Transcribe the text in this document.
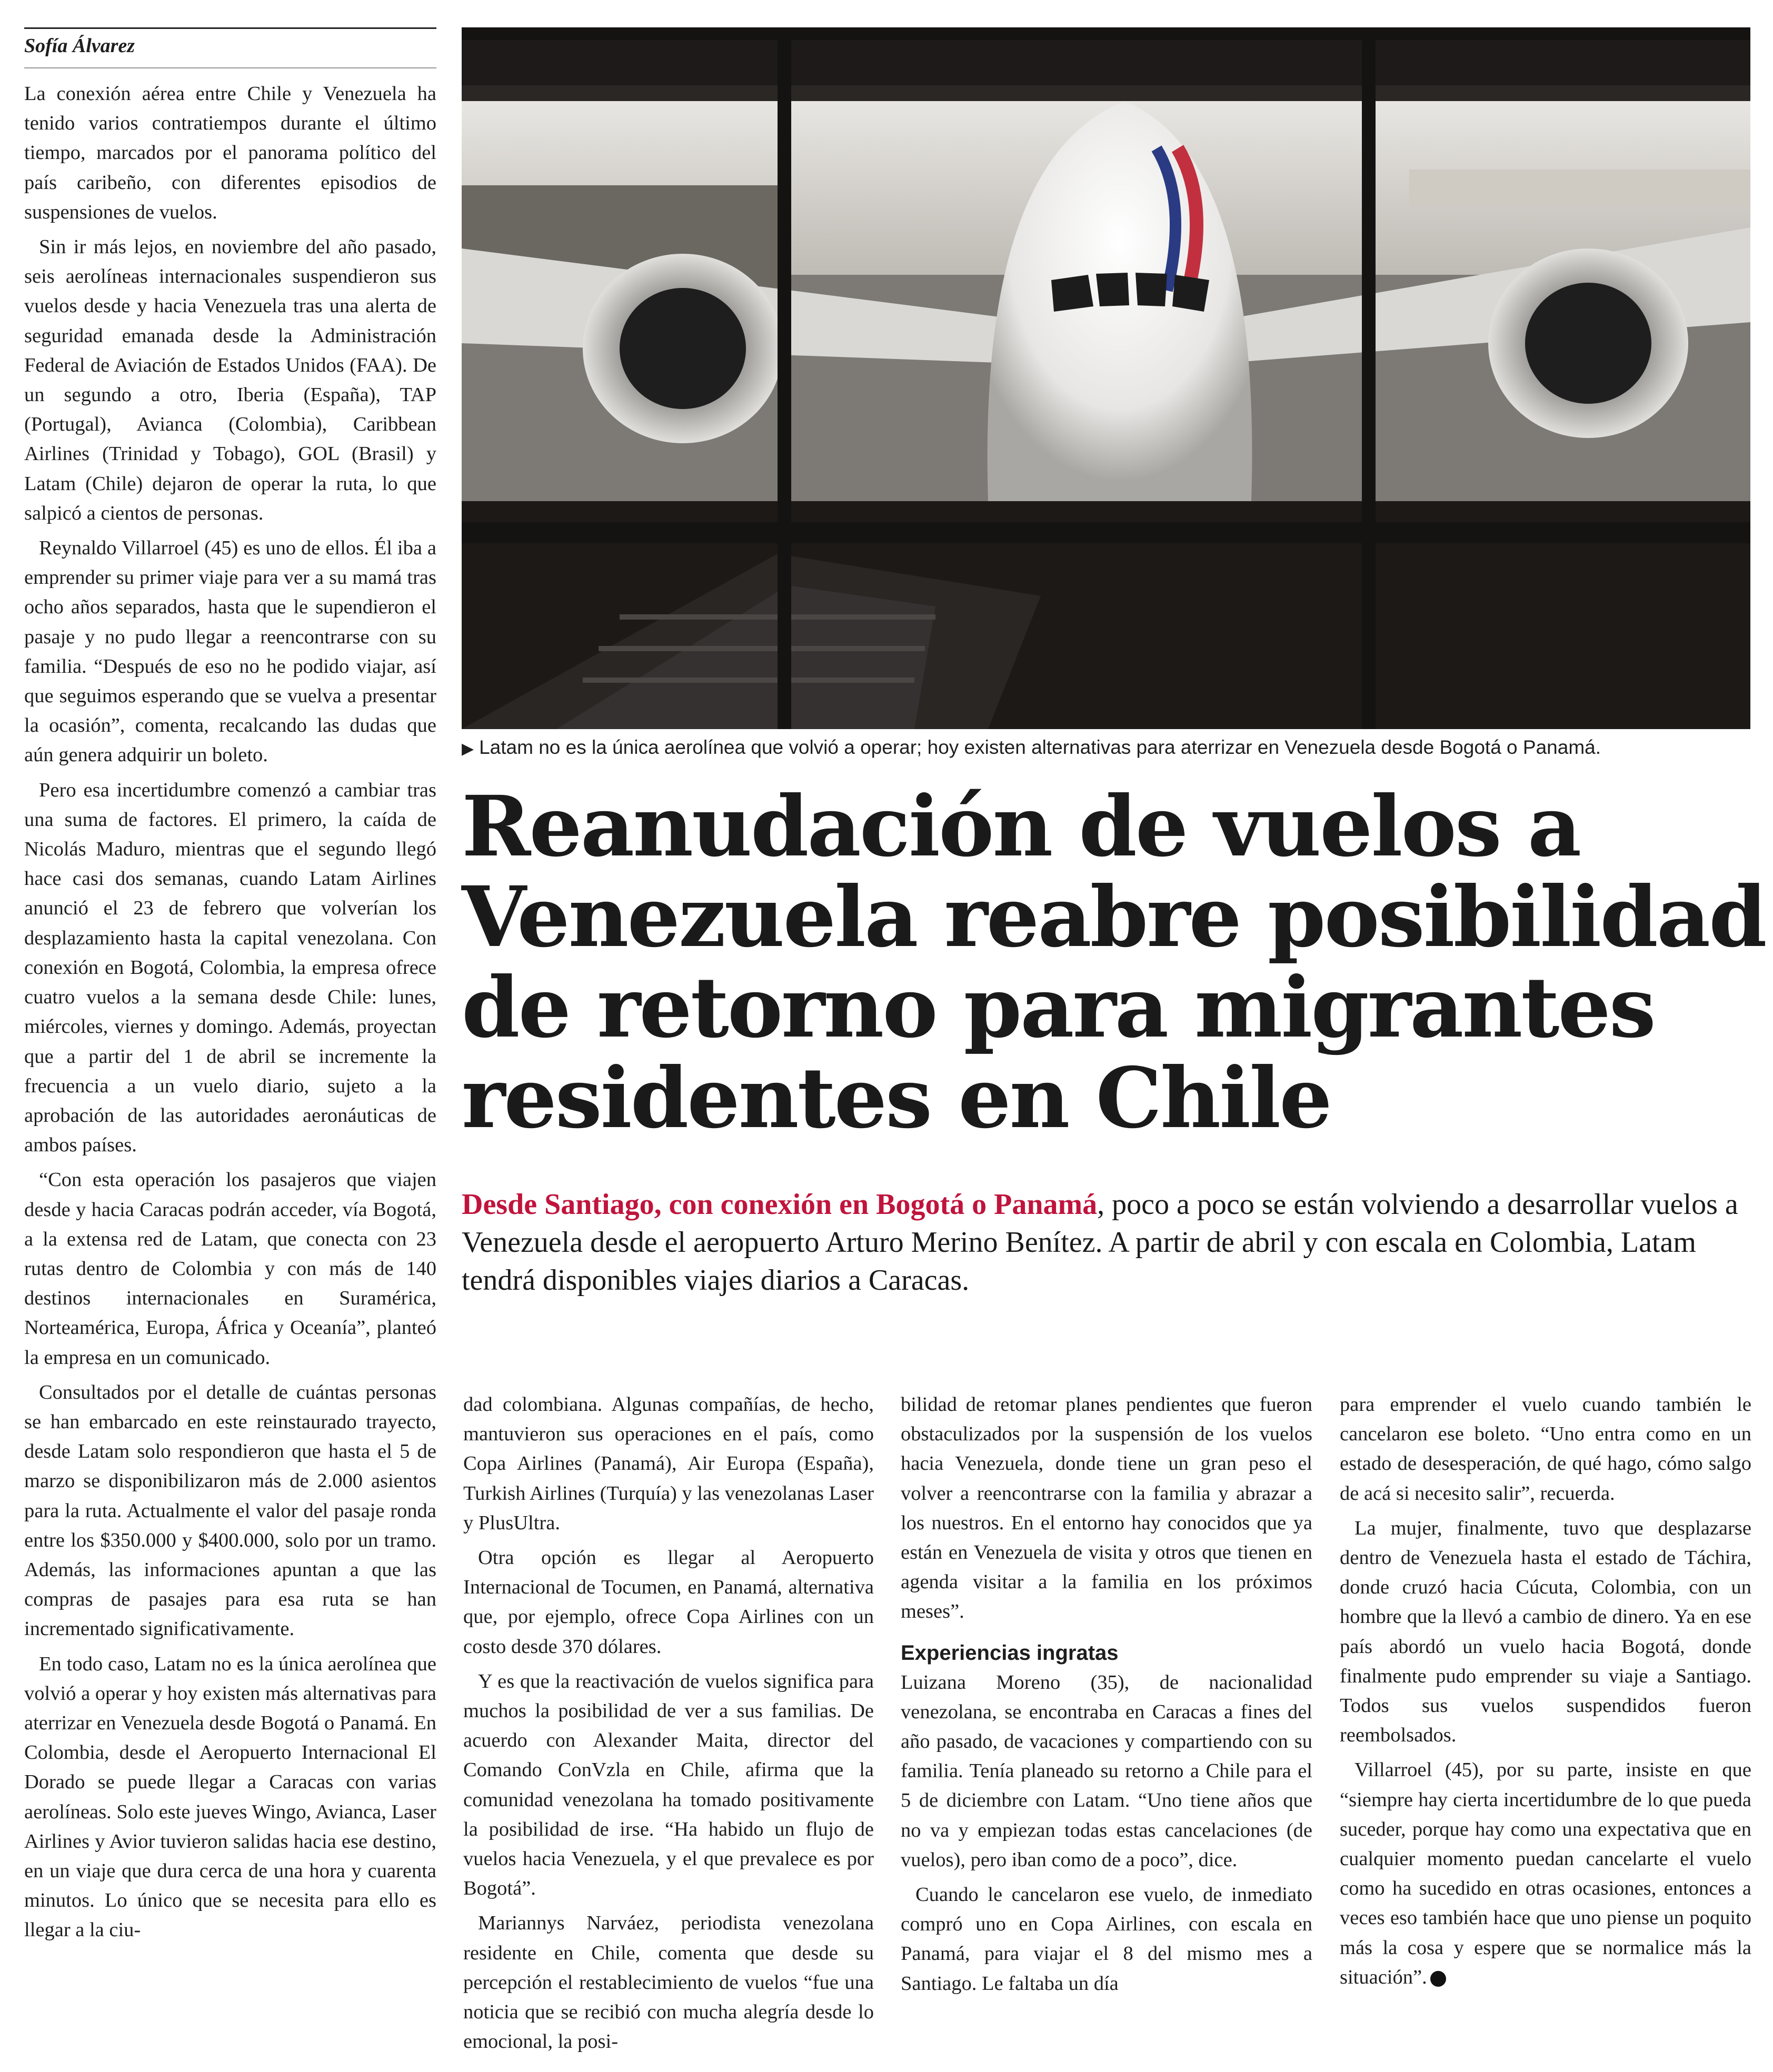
Sofía Álvarez

La conexión aérea entre Chile y Venezuela ha tenido varios contratiempos durante el último tiempo, marcados por el panorama político del país caribeño, con diferentes episodios de suspensiones de vuelos.

Sin ir más lejos, en noviembre del año pasado, seis aerolíneas internacionales suspendieron sus vuelos desde y hacia Venezuela tras una alerta de seguridad emanada desde la Administración Federal de Aviación de Estados Unidos (FAA). De un segundo a otro, Iberia (España), TAP (Portugal), Avianca (Colombia), Caribbean Airlines (Trinidad y Tobago), GOL (Brasil) y Latam (Chile) dejaron de operar la ruta, lo que salpicó a cientos de personas.

Reynaldo Villarroel (45) es uno de ellos. Él iba a emprender su primer viaje para ver a su mamá tras ocho años separados, hasta que le supendieron el pasaje y no pudo llegar a reencontrarse con su familia. “Después de eso no he podido viajar, así que seguimos esperando que se vuelva a presentar la ocasión”, comenta, recalcando las dudas que aún genera adquirir un boleto.

Pero esa incertidumbre comenzó a cambiar tras una suma de factores. El primero, la caída de Nicolás Maduro, mientras que el segundo llegó hace casi dos semanas, cuando Latam Airlines anunció el 23 de febrero que volverían los desplazamiento hasta la capital venezolana. Con conexión en Bogotá, Colombia, la empresa ofrece cuatro vuelos a la semana desde Chile: lunes, miércoles, viernes y domingo. Además, proyectan que a partir del 1 de abril se incremente la frecuencia a un vuelo diario, sujeto a la aprobación de las autoridades aeronáuticas de ambos países.

“Con esta operación los pasajeros que viajen desde y hacia Caracas podrán acceder, vía Bogotá, a la extensa red de Latam, que conecta con 23 rutas dentro de Colombia y con más de 140 destinos internacionales en Suramérica, Norteamérica, Europa, África y Oceanía”, planteó la empresa en un comunicado.

Consultados por el detalle de cuántas personas se han embarcado en este reinstaurado trayecto, desde Latam solo respondieron que hasta el 5 de marzo se disponibilizaron más de 2.000 asientos para la ruta. Actualmente el valor del pasaje ronda entre los $350.000 y $400.000, solo por un tramo. Además, las informaciones apuntan a que las compras de pasajes para esa ruta se han incrementado significativamente.

En todo caso, Latam no es la única aerolínea que volvió a operar y hoy existen más alternativas para aterrizar en Venezuela desde Bogotá o Panamá. En Colombia, desde el Aeropuerto Internacional El Dorado se puede llegar a Caracas con varias aerolíneas. Solo este jueves Wingo, Avianca, Laser Airlines y Avior tuvieron salidas hacia ese destino, en un viaje que dura cerca de una hora y cuarenta minutos. Lo único que se necesita para ello es llegar a la ciu-

▶ Latam no es la única aerolínea que volvió a operar; hoy existen alternativas para aterrizar en Venezuela desde Bogotá o Panamá.
Reanudación de vuelos a
Venezuela reabre posibilidad
de retorno para migrantes
residentes en Chile
Desde Santiago, con conexión en Bogotá o Panamá, poco a poco se están volviendo a desarrollar vuelos a Venezuela desde el aeropuerto Arturo Merino Benítez. A partir de abril y con escala en Colombia, Latam tendrá disponibles viajes diarios a Caracas.

dad colombiana. Algunas compañías, de hecho, mantuvieron sus operaciones en el país, como Copa Airlines (Panamá), Air Europa (España), Turkish Airlines (Turquía) y las venezolanas Laser y PlusUltra.

Otra opción es llegar al Aeropuerto Internacional de Tocumen, en Panamá, alternativa que, por ejemplo, ofrece Copa Airlines con un costo desde 370 dólares.

Y es que la reactivación de vuelos significa para muchos la posibilidad de ver a sus familias. De acuerdo con Alexander Maita, director del Comando ConVzla en Chile, afirma que la comunidad venezolana ha tomado positivamente la posibilidad de irse. “Ha habido un flujo de vuelos hacia Venezuela, y el que prevalece es por Bogotá”.

Mariannys Narváez, periodista venezolana residente en Chile, comenta que desde su percepción el restablecimiento de vuelos “fue una noticia que se recibió con mucha alegría desde lo emocional, la posi-

bilidad de retomar planes pendientes que fueron obstaculizados por la suspensión de los vuelos hacia Venezuela, donde tiene un gran peso el volver a reencontrarse con la familia y abrazar a los nuestros. En el entorno hay conocidos que ya están en Venezuela de visita y otros que tienen en agenda visitar a la familia en los próximos meses”.

Experiencias ingratas

Luizana Moreno (35), de nacionalidad venezolana, se encontraba en Caracas a fines del año pasado, de vacaciones y compartiendo con su familia. Tenía planeado su retorno a Chile para el 5 de diciembre con Latam. “Uno tiene años que no va y empiezan todas estas cancelaciones (de vuelos), pero iban como de a poco”, dice.

Cuando le cancelaron ese vuelo, de inmediato compró uno en Copa Airlines, con escala en Panamá, para viajar el 8 del mismo mes a Santiago. Le faltaba un día

para emprender el vuelo cuando también le cancelaron ese boleto. “Uno entra como en un estado de desesperación, de qué hago, cómo salgo de acá si necesito salir”, recuerda.

La mujer, finalmente, tuvo que desplazarse dentro de Venezuela hasta el estado de Táchira, donde cruzó hacia Cúcuta, Colombia, con un hombre que la llevó a cambio de dinero. Ya en ese país abordó un vuelo hacia Bogotá, donde finalmente pudo emprender su viaje a Santiago. Todos sus vuelos suspendidos fueron reembolsados.

Villarroel (45), por su parte, insiste en que “siempre hay cierta incertidumbre de lo que pueda suceder, porque hay como una expectativa que en cualquier momento puedan cancelarte el vuelo como ha sucedido en otras ocasiones, entonces a veces eso también hace que uno piense un poquito más la cosa y espere que se normalice más la situación”.
